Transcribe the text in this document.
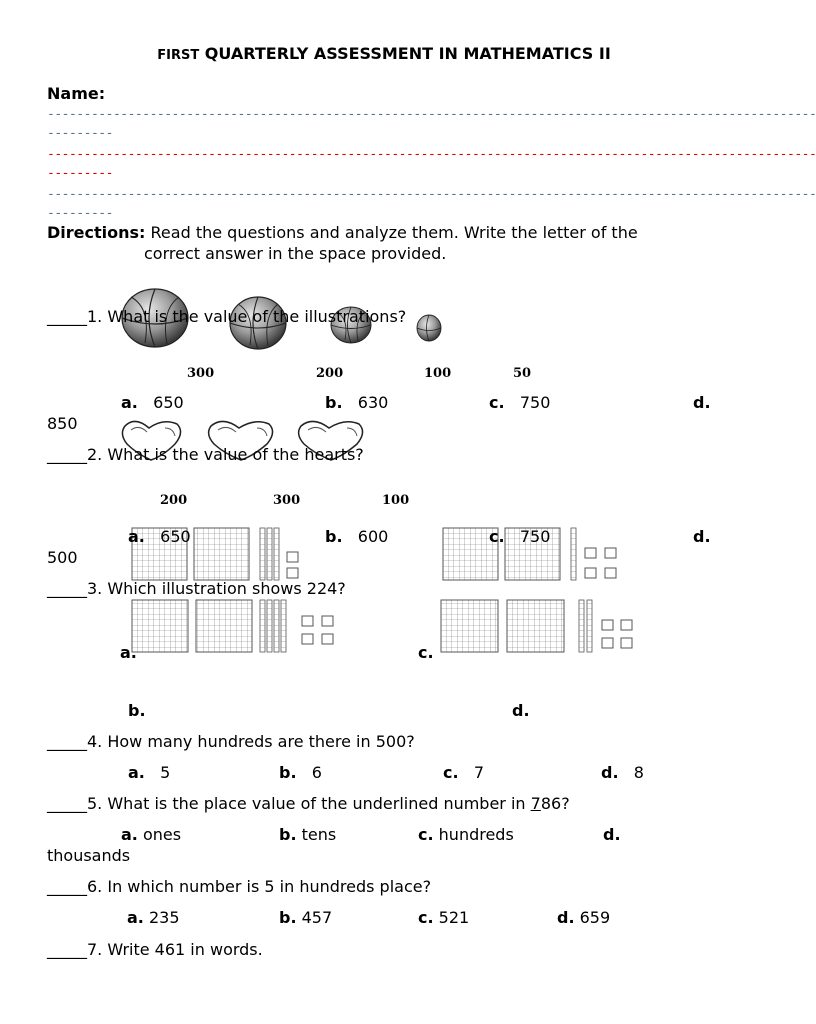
FIRST QUARTERLY ASSESSMENT IN MATHEMATICS II
Name:
---------------------------------------------------------------------------------------------------------
---------
---------------------------------------------------------------------------------------------------------
---------
---------------------------------------------------------------------------------------------------------
---------
Directions: Read the questions and analyze them. Write the letter of the
correct answer in the space provided.
_____1. What is the value of the illustrations?
300	200	100	50
a. 650	b. 630	c. 750	d.
850
_____2. What is the value of the hearts?
200	300	100
a. 650	b. 600	c. 750	d.
500
_____3. Which illustration shows 224?
a.	c.
b.	d.
_____4. How many hundreds are there in 500?
a. 5	b. 6	c. 7	d. 8
_____5. What is the place value of the underlined number in 786?
a. ones	b. tens	c. hundreds	d.
thousands
_____6. In which number is 5 in hundreds place?
a. 235	b. 457	c. 521	d. 659
_____7. Write 461 in words.
